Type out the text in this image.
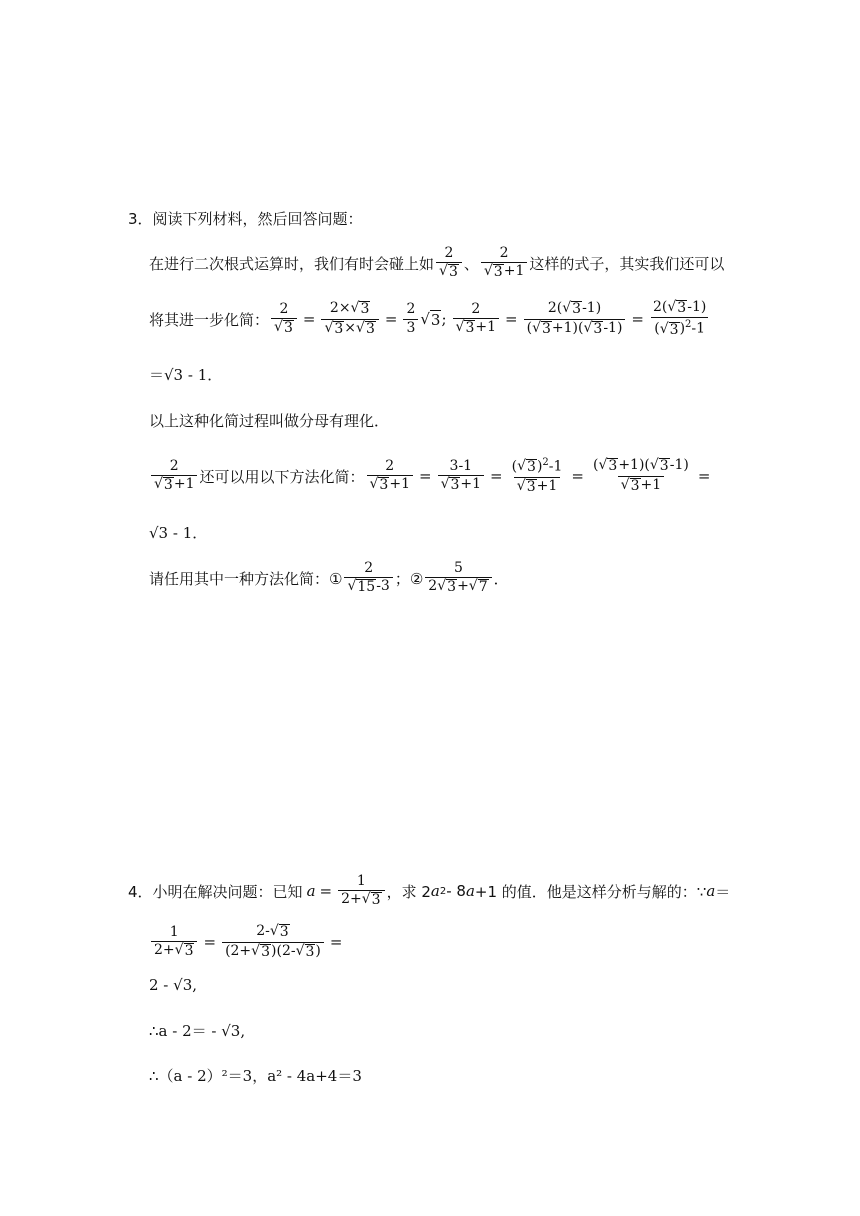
3． 阅读下列材料，然后回答问题：
在进行二次根式运算时，我们有时会碰上如 $\frac{2}{√ 3}$ 、 $\frac{2}{√ 3 +1}$ 这样的式子，其实我们还可以
将其进一步化简： $\frac{2}{√ 3} = \frac{2\times √ 3}{√ 3 \times √ 3} = \frac{2}{3}$ √ 3 ; $\frac{2}{√ 3 +1} = \frac{2( √ 3 -1)}{( √ 3 +1)( √ 3 -1)} = \frac{2( √ 3 -1)}{( √ 3 )^2-1}$
＝√3 - 1．
以上这种化简过程叫做分母有理化．
$\frac{2}{√ 3 +1}$ 还可以用以下方法化简： $\frac{2}{√ 3 +1} = \frac{3-1}{√ 3 +1} = \frac{( √ 3 )^2-1}{√ 3 +1} = \frac{( √ 3 +1)( √ 3 -1)}{√ 3 +1}$ =
√3 - 1．
请任用其中一种方法化简：① $\frac{2}{√ 15 -3}$ ；② $\frac{5}{2 √ 3 + √ 7}$ ．
4． 小明在解决问题：已知 $a = \frac{1}{2+ √ 3}$ ，求 2 a 2 - 8 a +1 的值．他是这样分析与解的：∵ a ＝
$\frac{1}{2+ √ 3} = \frac{2- √ 3}{(2+ √ 3 )(2- √ 3 )}$ =
2 - √3,
∴a - 2＝ - √3,
∴（a - 2）²＝3，a² - 4a+4＝3
